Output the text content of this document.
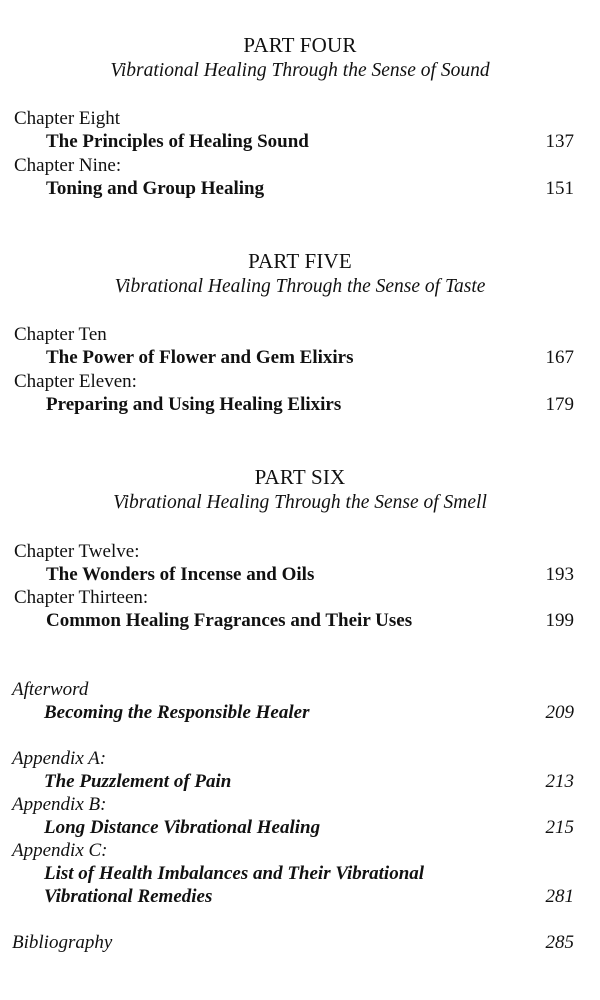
PART FOUR
Vibrational Healing Through the Sense of Sound
Chapter Eight
The Principles of Healing Sound	137
Chapter Nine:
Toning and Group Healing	151
PART FIVE
Vibrational Healing Through the Sense of Taste
Chapter Ten
The Power of Flower and Gem Elixirs	167
Chapter Eleven:
Preparing and Using Healing Elixirs	179
PART SIX
Vibrational Healing Through the Sense of Smell
Chapter Twelve:
The Wonders of Incense and Oils	193
Chapter Thirteen:
Common Healing Fragrances and Their Uses	199
Afterword
Becoming the Responsible Healer	209
Appendix A:
The Puzzlement of Pain	213
Appendix B:
Long Distance Vibrational Healing	215
Appendix C:
List of Health Imbalances and Their Vibrational
Vibrational Remedies	281
Bibliography	285
